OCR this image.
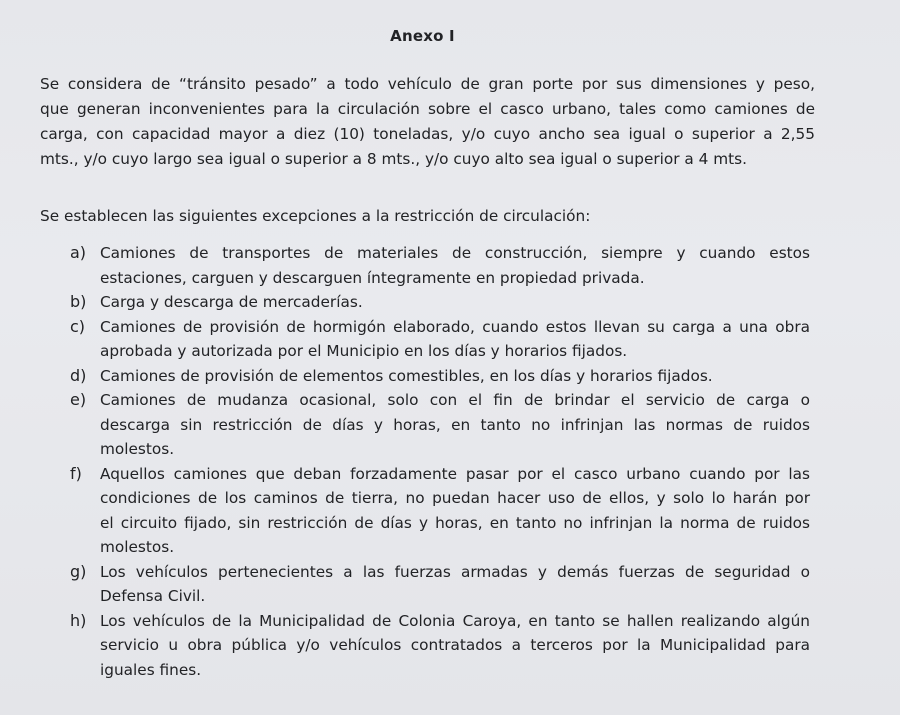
Anexo I
Se considera de “tránsito pesado” a todo vehículo de gran porte por sus dimensiones y peso,
que generan inconvenientes para la circulación sobre el casco urbano, tales como camiones de
carga, con capacidad mayor a diez (10) toneladas, y/o cuyo ancho sea igual o superior a 2,55
mts., y/o cuyo largo sea igual o superior a 8 mts., y/o cuyo alto sea igual o superior a 4 mts.
Se establecen las siguientes excepciones a la restricción de circulación:
a) Camiones de transportes de materiales de construcción, siempre y cuando estos
estaciones, carguen y descarguen íntegramente en propiedad privada.
b) Carga y descarga de mercaderías.
c) Camiones de provisión de hormigón elaborado, cuando estos llevan su carga a una obra
aprobada y autorizada por el Municipio en los días y horarios fijados.
d) Camiones de provisión de elementos comestibles, en los días y horarios fijados.
e) Camiones de mudanza ocasional, solo con el fin de brindar el servicio de carga o
descarga sin restricción de días y horas, en tanto no infrinjan las normas de ruidos
molestos.
f) Aquellos camiones que deban forzadamente pasar por el casco urbano cuando por las
condiciones de los caminos de tierra, no puedan hacer uso de ellos, y solo lo harán por
el circuito fijado, sin restricción de días y horas, en tanto no infrinjan la norma de ruidos
molestos.
g) Los vehículos pertenecientes a las fuerzas armadas y demás fuerzas de seguridad o
Defensa Civil.
h) Los vehículos de la Municipalidad de Colonia Caroya, en tanto se hallen realizando algún
servicio u obra pública y/o vehículos contratados a terceros por la Municipalidad para
iguales fines.
